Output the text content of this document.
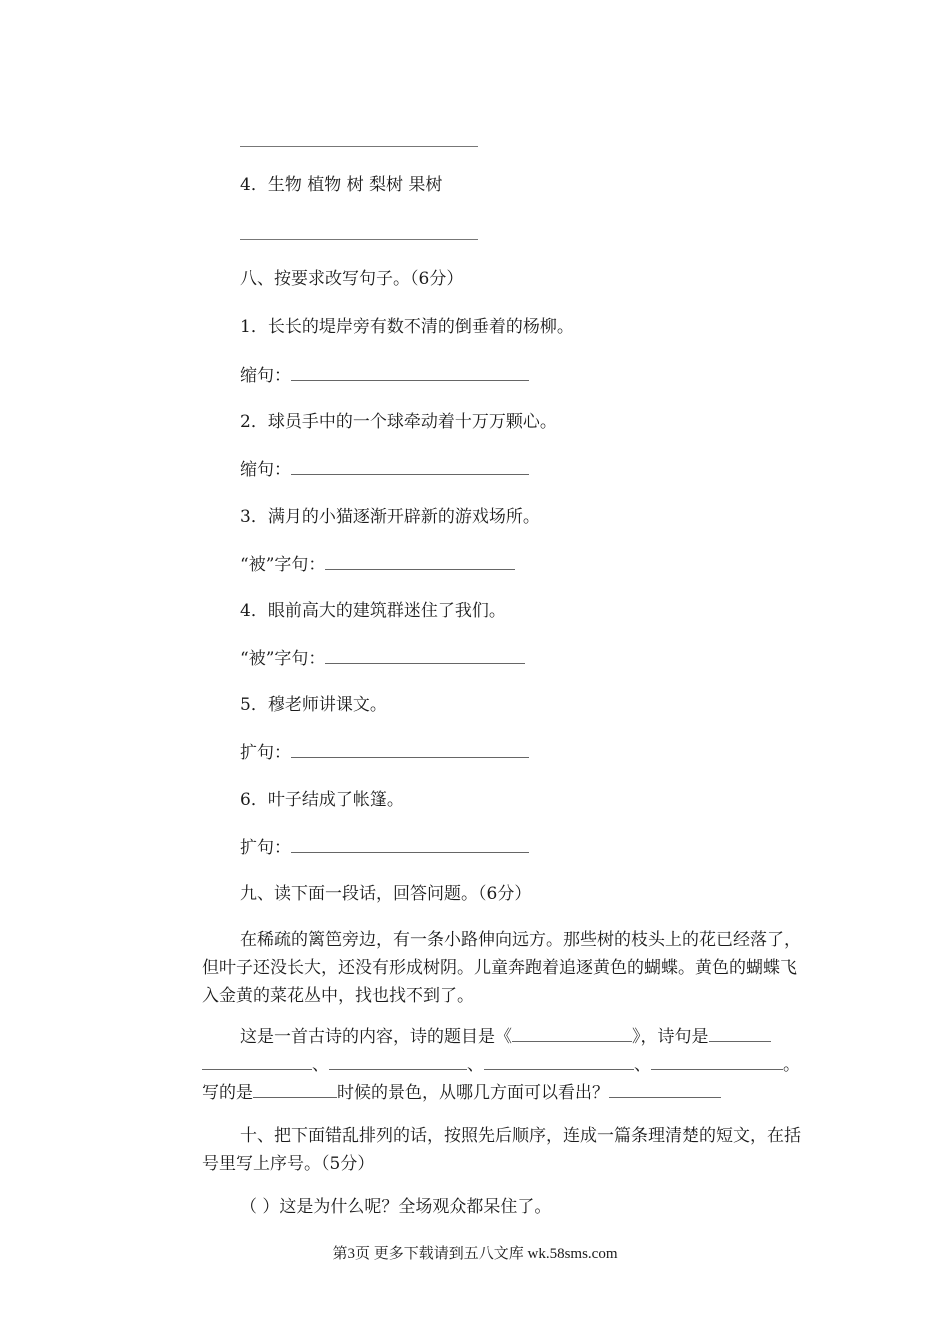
4．生物 植物 树 梨树 果树
八、按要求改写句子。（6分）
1．长长的堤岸旁有数不清的倒垂着的杨柳。
缩句：
2．球员手中的一个球牵动着十万万颗心。
缩句：
3．满月的小猫逐渐开辟新的游戏场所。
“被”字句：
4．眼前高大的建筑群迷住了我们。
“被”字句：
5．穆老师讲课文。
扩句：
6．叶子结成了帐篷。
扩句：
九、读下面一段话，回答问题。（6分）
在稀疏的篱笆旁边，有一条小路伸向远方。那些树的枝头上的花已经落了，但叶子还没长大，还没有形成树阴。儿童奔跑着追逐黄色的蝴蝶。黄色的蝴蝶飞入金黄的菜花丛中，找也找不到了。
这是一首古诗的内容，诗的题目是《	》，诗句是
、	、	、	。
写的是	时候的景色，从哪几方面可以看出？
十、把下面错乱排列的话，按照先后顺序，连成一篇条理清楚的短文，在括号里写上序号。（5分）
（ ）这是为什么呢？全场观众都呆住了。
第3页 更多下载请到五八文库 wk.58sms.com
